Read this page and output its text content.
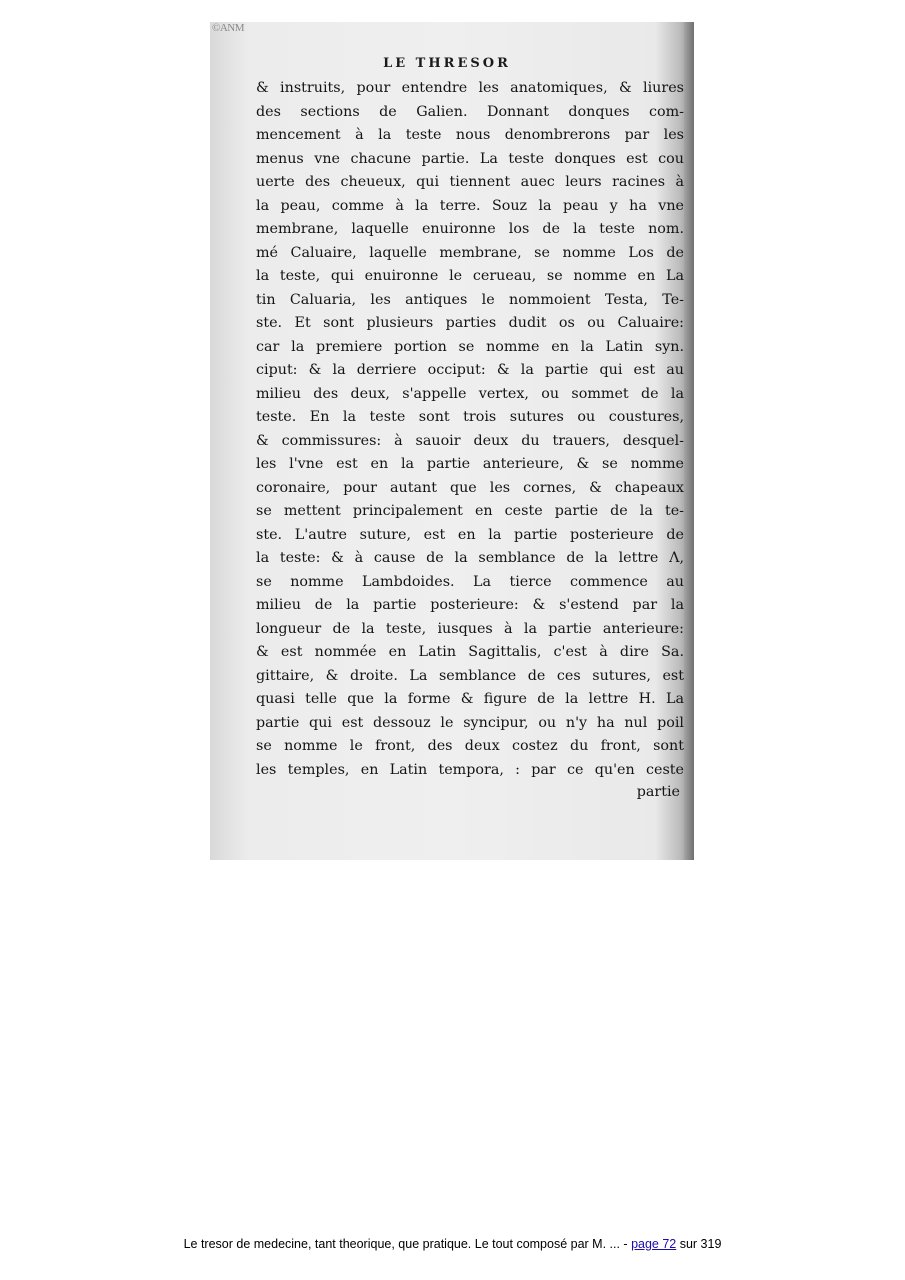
©ANM
LE THRESOR
& instruits, pour entendre les anatomiques, & liures
des sections de Galien. Donnant donques com-
mencement à la teste nous denombrerons par les
menus vne chacune partie. La teste donques est cou
uerte des cheueux, qui tiennent auec leurs racines à
la peau, comme à la terre. Souz la peau y ha vne
membrane, laquelle enuironne los de la teste nom.
mé Caluaire, laquelle membrane, se nomme Los de
la teste, qui enuironne le cerueau, se nomme en La
tin Caluaria, les antiques le nommoient Testa, Te-
ste. Et sont plusieurs parties dudit os ou Caluaire:
car la premiere portion se nomme en la Latin syn.
ciput: & la derriere occiput: & la partie qui est au
milieu des deux, s'appelle vertex, ou sommet de la
teste. En la teste sont trois sutures ou coustures,
& commissures: à sauoir deux du trauers, desquel-
les l'vne est en la partie anterieure, & se nomme
coronaire, pour autant que les cornes, & chapeaux
se mettent principalement en ceste partie de la te-
ste. L'autre suture, est en la partie posterieure de
la teste: & à cause de la semblance de la lettre Λ,
se nomme Lambdoides. La tierce commence au
milieu de la partie posterieure: & s'estend par la
longueur de la teste, iusques à la partie anterieure:
& est nommée en Latin Sagittalis, c'est à dire Sa.
gittaire, & droite. La semblance de ces sutures, est
quasi telle que la forme & figure de la lettre H. La
partie qui est dessouz le syncipur, ou n'y ha nul poil
se nomme le front, des deux costez du front, sont
les temples, en Latin tempora, : par ce qu'en ceste
partie
Le tresor de medecine, tant theorique, que pratique. Le tout composé par M. ... - page 72 sur 319
